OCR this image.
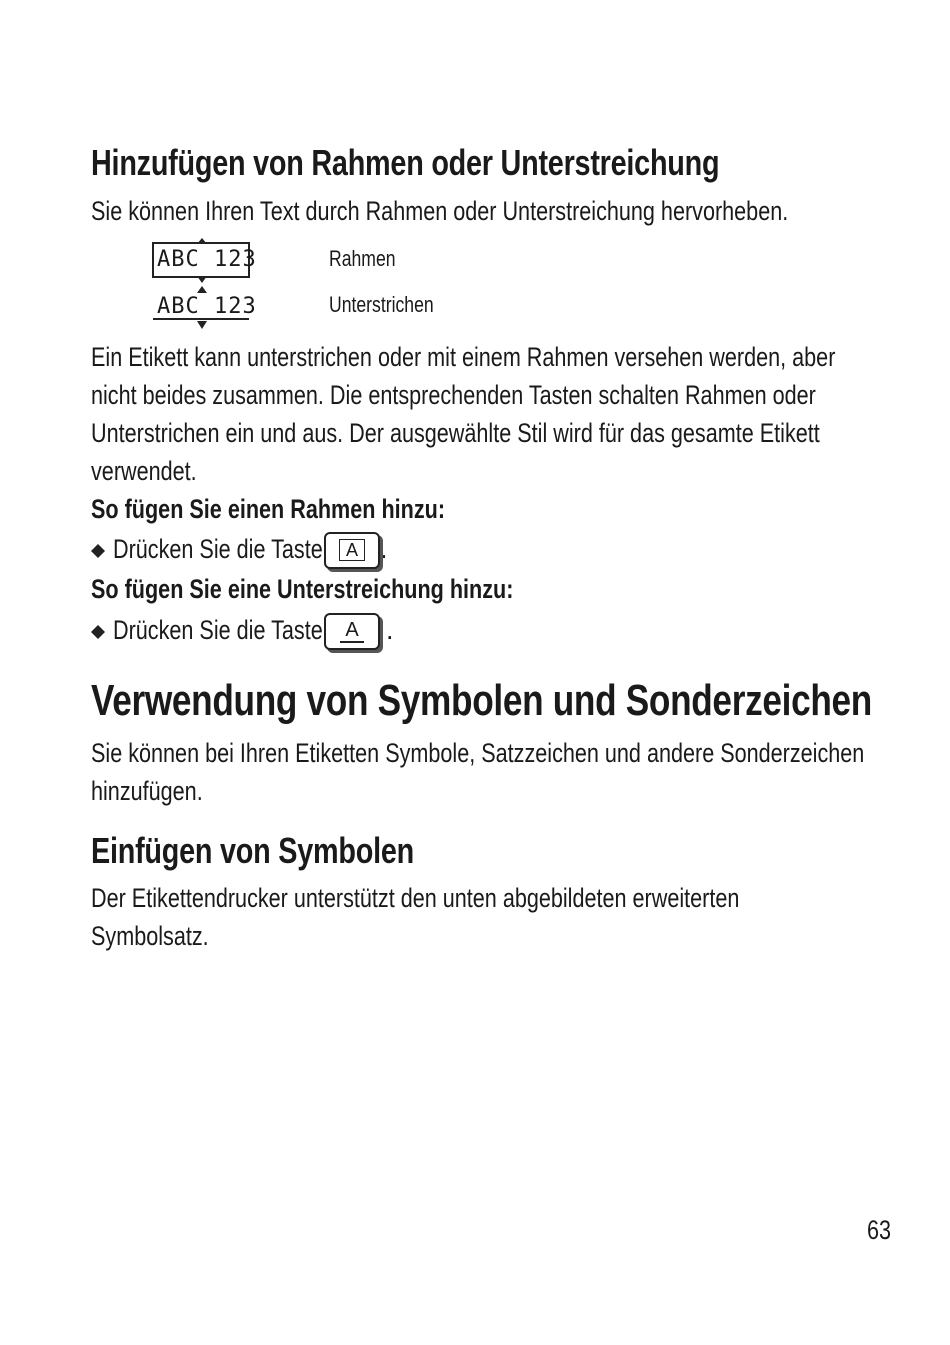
Hinzufügen von Rahmen oder Unterstreichung
Sie können Ihren Text durch Rahmen oder Unterstreichung hervorheben.
ABC 123	Rahmen
ABC 123	Unterstrichen
Ein Etikett kann unterstrichen oder mit einem Rahmen versehen werden, aber
nicht beides zusammen. Die entsprechenden Tasten schalten Rahmen oder
Unterstrichen ein und aus. Der ausgewählte Stil wird für das gesamte Etikett
verwendet.
So fügen Sie einen Rahmen hinzu:
Drücken Sie die Taste	A .
So fügen Sie eine Unterstreichung hinzu:
Drücken Sie die Taste A .
Verwendung von Symbolen und Sonderzeichen
Sie können bei Ihren Etiketten Symbole, Satzzeichen und andere Sonderzeichen
hinzufügen.
Einfügen von Symbolen
Der Etikettendrucker unterstützt den unten abgebildeten erweiterten
Symbolsatz.
63
